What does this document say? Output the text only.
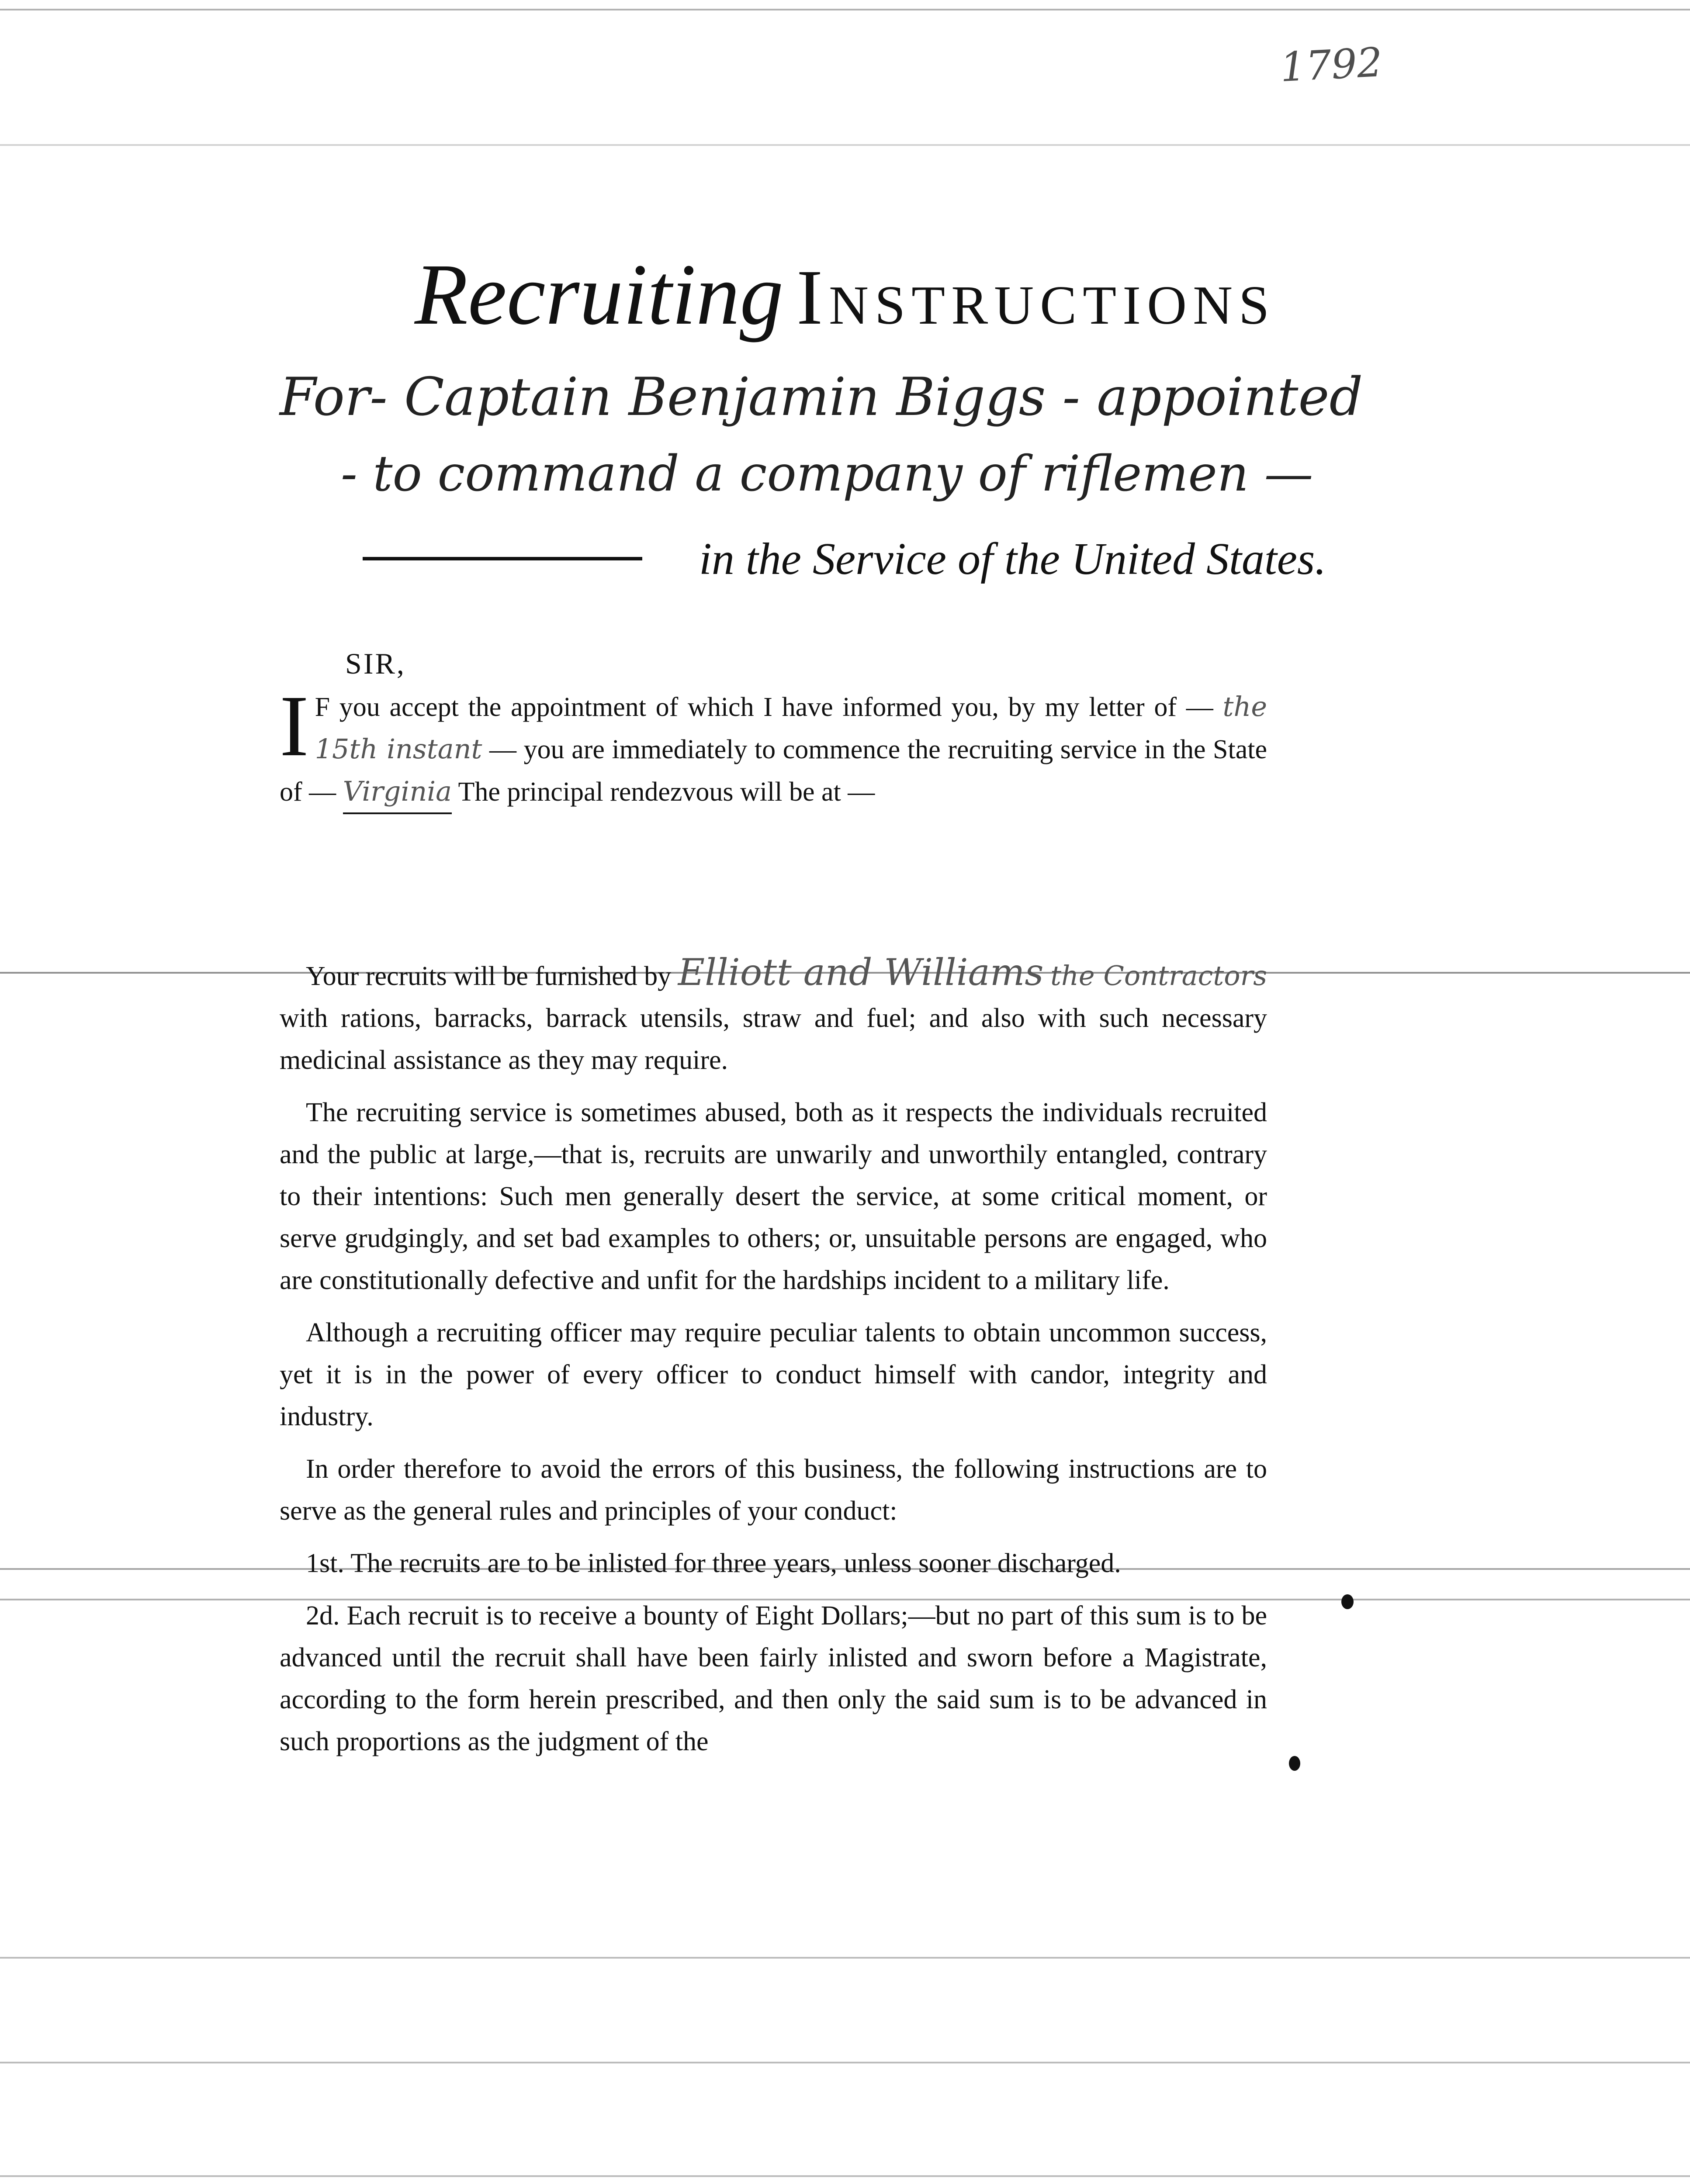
1792
Recruiting Instructions
For- Captain Benjamin Biggs - appointed
- to command a company of riflemen —
in the Service of the United States.
SIR,

I F you accept the appointment of which I have informed you, by my letter of — the 15th instant — you are immediately to commence the recruiting service in the State of — Virginia The principal rendezvous will be at —

Your recruits will be furnished by Elliott and Williams the Contractors with rations, barracks, barrack utensils, straw and fuel; and also with such necessary medicinal assistance as they may require.

The recruiting service is sometimes abused, both as it respects the individuals recruited and the public at large,—that is, recruits are unwarily and unworthily entangled, contrary to their intentions: Such men generally desert the service, at some critical moment, or serve grudgingly, and set bad examples to others; or, unsuitable persons are engaged, who are constitutionally defective and unfit for the hardships incident to a military life.

Although a recruiting officer may require peculiar talents to obtain uncommon success, yet it is in the power of every officer to conduct himself with candor, integrity and industry.

In order therefore to avoid the errors of this business, the following instructions are to serve as the general rules and principles of your conduct:

1st. The recruits are to be inlisted for three years, unless sooner discharged.

2d. Each recruit is to receive a bounty of Eight Dollars;—but no part of this sum is to be advanced until the recruit shall have been fairly inlisted and sworn before a Magistrate, according to the form herein prescribed, and then only the said sum is to be advanced in such proportions as the judgment of the
